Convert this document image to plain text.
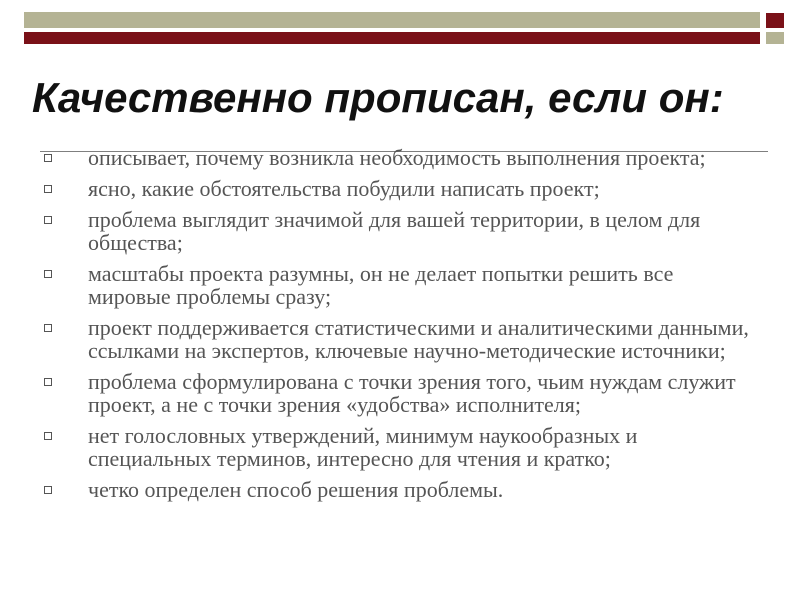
Качественно прописан, если он:
описывает, почему возникла необходимость выполнения проекта;
ясно, какие обстоятельства побудили написать проект;
проблема выглядит значимой для вашей территории, в целом для общества;
масштабы проекта разумны, он не делает попытки решить все мировые проблемы сразу;
проект поддерживается статистическими и аналитическими данными, ссылками на экспертов, ключевые научно-методические источники;
проблема сформулирована с точки зрения того, чьим нуждам служит проект, а не с точки зрения «удобства» исполнителя;
нет голословных утверждений, минимум наукообразных и специальных терминов, интересно для чтения и кратко;
четко определен способ решения проблемы.
